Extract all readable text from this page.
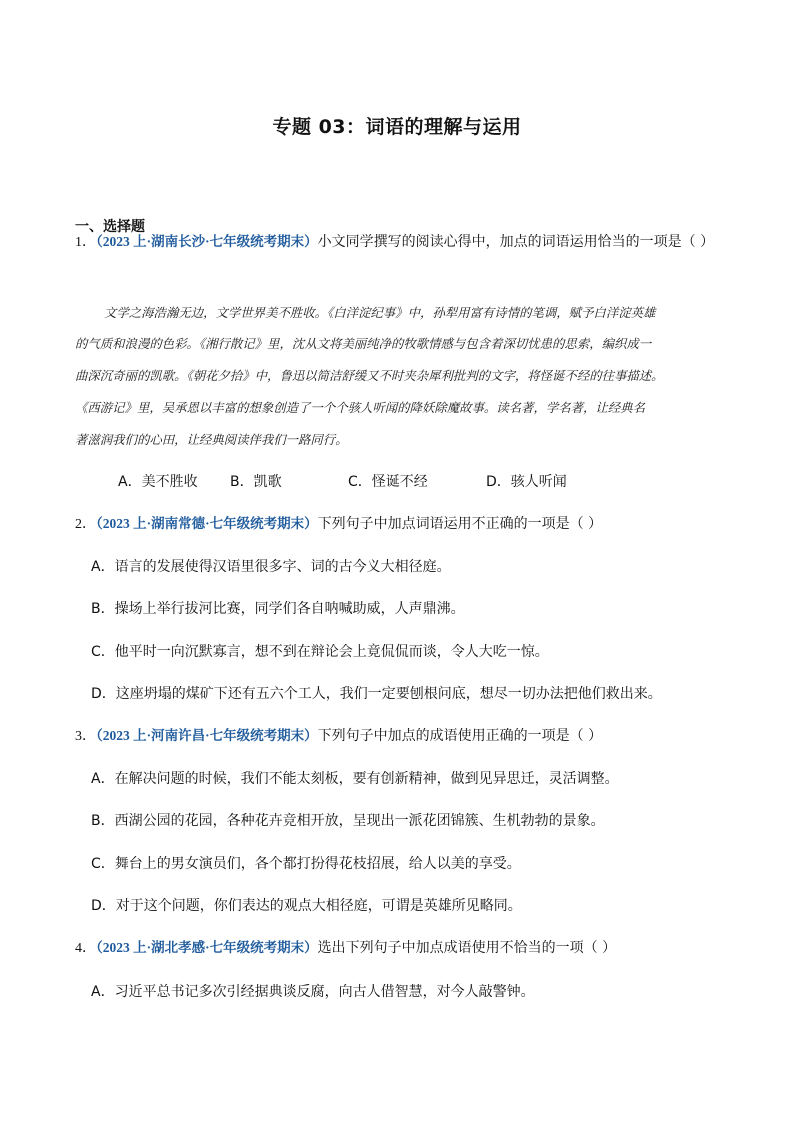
专题 03：词语的理解与运用
一、选择题
1．（2023 上·湖南长沙·七年级统考期末）小文同学撰写的阅读心得中，加点的词语运用恰当的一项是（ ）
文学之海浩瀚无边，文学世界美不胜收。《白洋淀纪事》中，孙犁用富有诗情的笔调，赋予白洋淀英雄
的气质和浪漫的色彩。《湘行散记》里，沈从文将美丽纯净的牧歌情感与包含着深切忧患的思索，编织成一
曲深沉奇丽的凯歌。《朝花夕拾》中，鲁迅以简洁舒缓又不时夹杂犀利批判的文字，将怪诞不经的往事描述。
《西游记》里，吴承恩以丰富的想象创造了一个个骇人听闻的降妖除魔故事。读名著，学名著，让经典名
著滋润我们的心田，让经典阅读伴我们一路同行。
A．美不胜收 B．凯歌	C．怪诞不经	D．骇人听闻
2．（2023 上·湖南常德·七年级统考期末）下列句子中加点词语运用不正确的一项是（ ）
A．语言的发展使得汉语里很多字、词的古今义大相径庭。
B．操场上举行拔河比赛，同学们各自呐喊助威，人声鼎沸。
C．他平时一向沉默寡言，想不到在辩论会上竟侃侃而谈，令人大吃一惊。
D．这座坍塌的煤矿下还有五六个工人，我们一定要刨根问底，想尽一切办法把他们救出来。
3．（2023 上·河南许昌·七年级统考期末）下列句子中加点的成语使用正确的一项是（ ）
A．在解决问题的时候，我们不能太刻板，要有创新精神，做到见异思迁，灵活调整。
B．西湖公园的花园，各种花卉竞相开放，呈现出一派花团锦簇、生机勃勃的景象。
C．舞台上的男女演员们，各个都打扮得花枝招展，给人以美的享受。
D．对于这个问题，你们表达的观点大相径庭，可谓是英雄所见略同。
4．（2023 上·湖北孝感·七年级统考期末）选出下列句子中加点成语使用不恰当的一项（ ）
A．习近平总书记多次引经据典谈反腐，向古人借智慧，对今人敲警钟。
